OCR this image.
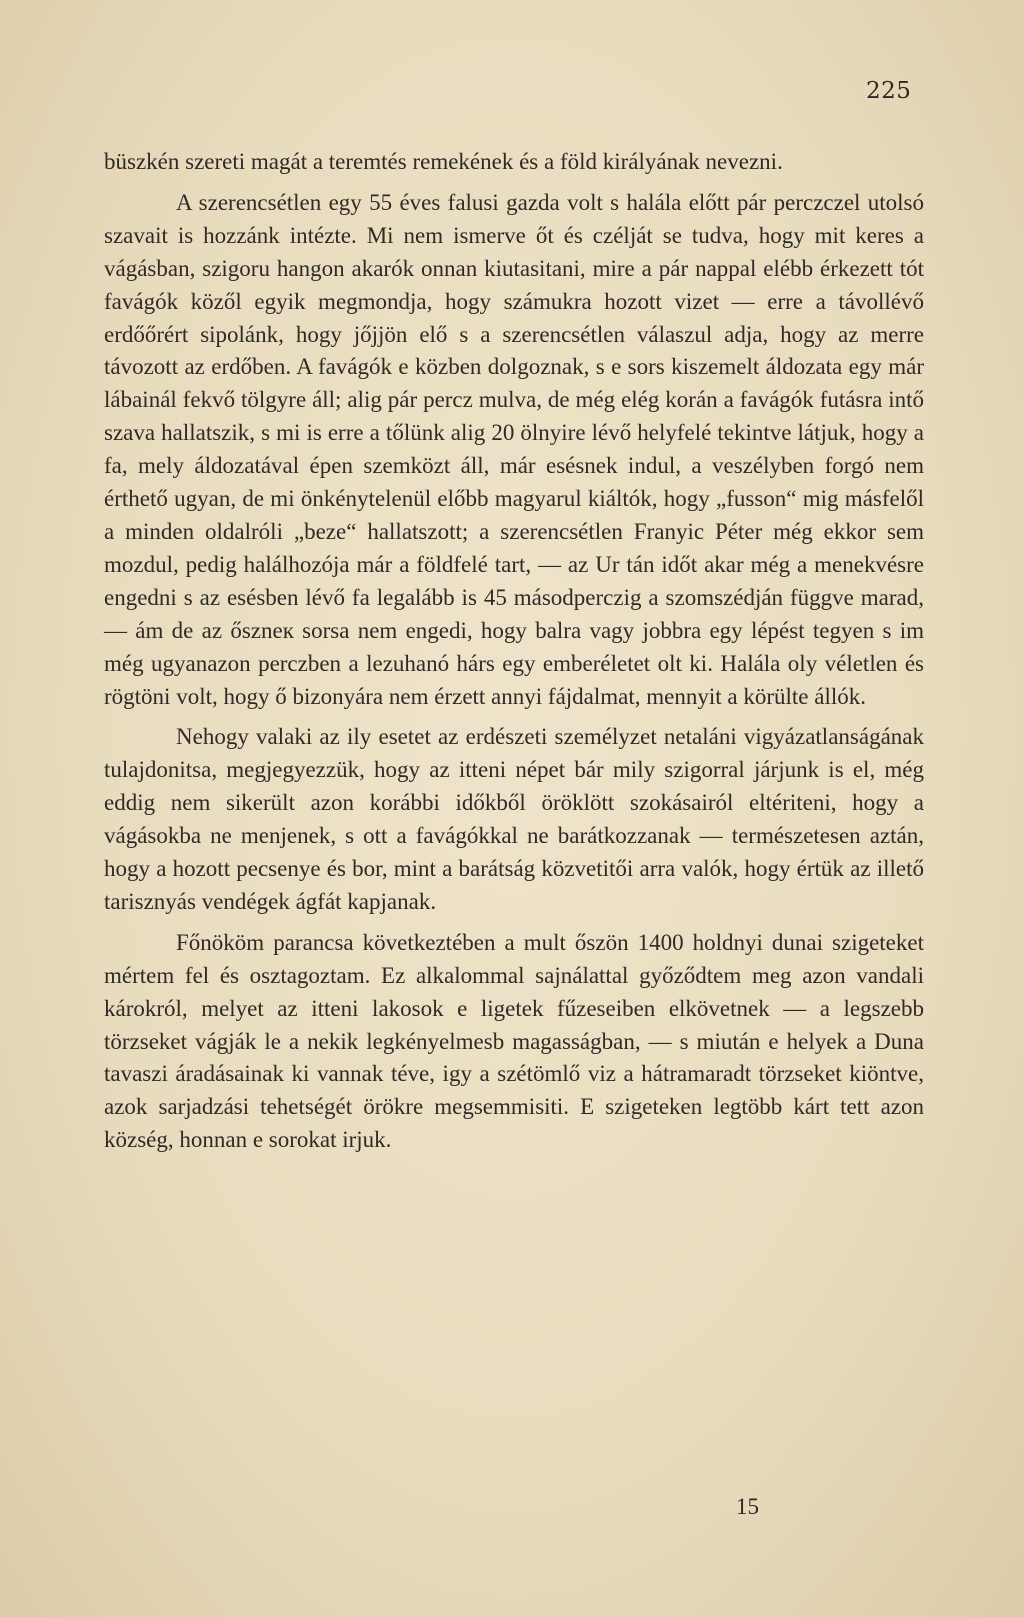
225

büszkén szereti magát a teremtés remekének és a föld királyának nevezni.

A szerencsétlen egy 55 éves falusi gazda volt s halála előtt pár perczczel utolsó szavait is hozzánk intézte. Mi nem ismerve őt és czélját se tudva, hogy mit keres a vágásban, szigoru hangon akarók onnan kiutasitani, mire a pár nappal elébb érkezett tót favágók közől egyik megmondja, hogy számukra hozott vizet — erre a távollévő erdőőrért sipolánk, hogy jőjjön elő s a szerencsétlen válaszul adja, hogy az merre távozott az erdőben. A favágók e közben dolgoznak, s e sors kiszemelt áldozata egy már lábainál fekvő tölgyre áll; alig pár percz mulva, de még elég korán a favágók futásra intő szava hallatszik, s mi is erre a tőlünk alig 20 ölnyire lévő helyfelé tekintve látjuk, hogy a fa, mely áldozatával épen szemközt áll, már esésnek indul, a veszélyben forgó nem érthető ugyan, de mi önkénytelenül előbb magyarul kiáltók, hogy „fusson“ mig másfelől a minden oldalróli „beze“ hallatszott; a szerencsétlen Franyic Péter még ekkor sem mozdul, pedig halálhozója már a földfelé tart, — az Ur tán időt akar még a menekvésre engedni s az esésben lévő fa legalább is 45 másodperczig a szomszédján függve marad, — ám de az őszneк sorsa nem engedi, hogy balra vagy jobbra egy lépést tegyen s im még ugyanazon perczben a lezuhanó hárs egy emberéletet olt ki. Halála oly véletlen és rögtöni volt, hogy ő bizonyára nem érzett annyi fájdalmat, mennyit a körülte állók.

Nehogy valaki az ily esetet az erdészeti személyzet netaláni vigyázatlanságának tulajdonitsa, megjegyezzük, hogy az itteni népet bár mily szigorral járjunk is el, még eddig nem sikerült azon korábbi időkből öröklött szokásairól eltériteni, hogy a vágásokba ne menjenek, s ott a favágókkal ne barátkozzanak — természetesen aztán, hogy a hozott pecsenye és bor, mint a barátság közvetitői arra valók, hogy értük az illető tarisznyás vendégek ágfát kapjanak.

Főnököm parancsa következtében a mult őszön 1400 holdnyi dunai szigeteket mértem fel és osztagoztam. Ez alkalommal sajnálattal győződtem meg azon vandali károkról, melyet az itteni lakosok e ligetek fűzeseiben elkövetnek — a legszebb törzseket vágják le a nekik legkényelmesb magasságban, — s miután e helyek a Duna tavaszi áradásainak ki vannak téve, igy a szétömlő viz a hátramaradt törzseket kiöntve, azok sarjadzási tehetségét örökre megsemmisiti. E szigeteken legtöbb kárt tett azon község, honnan e sorokat irjuk.

15
